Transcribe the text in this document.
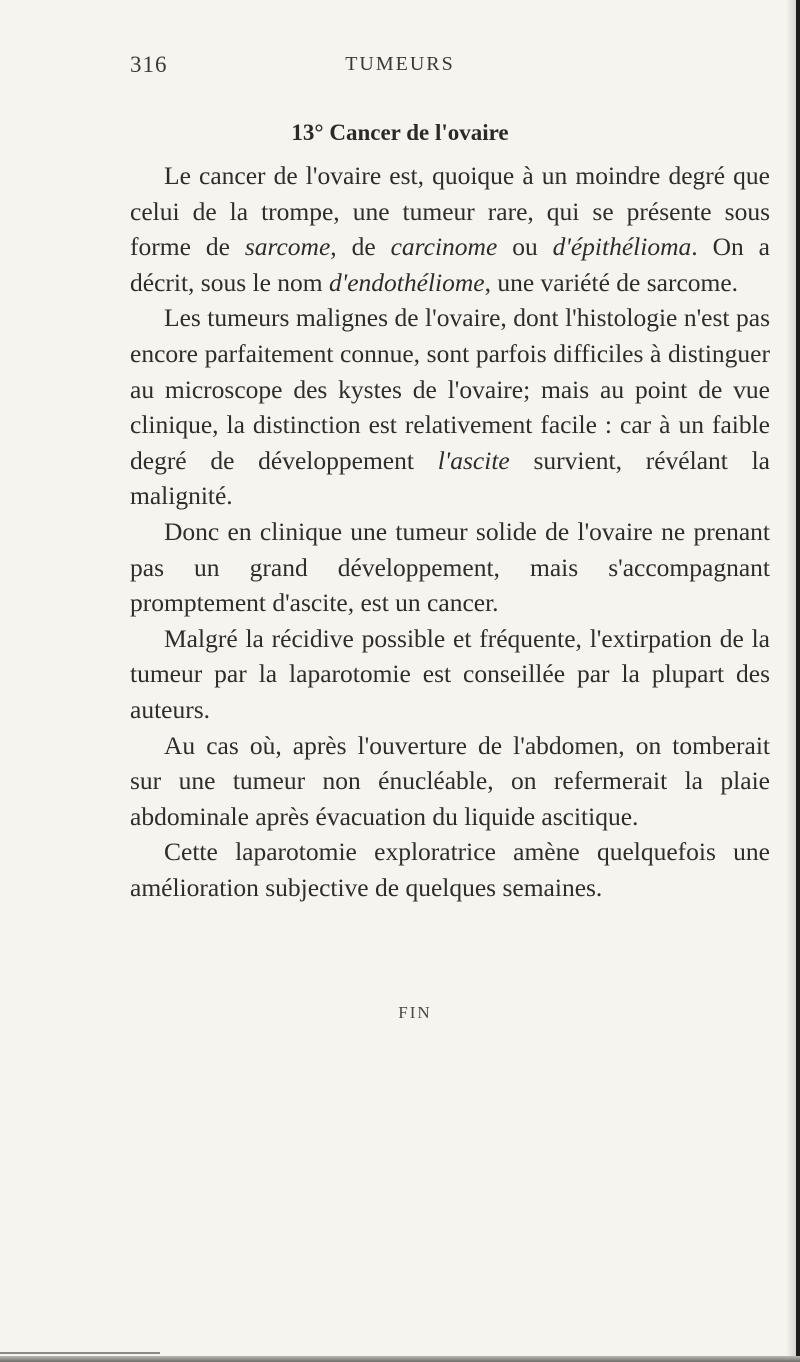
316	TUMEURS
13° Cancer de l'ovaire

Le cancer de l'ovaire est, quoique à un moindre degré que celui de la trompe, une tumeur rare, qui se présente sous forme de sarcome, de carcinome ou d'épithélioma. On a décrit, sous le nom d'endothéliome, une variété de sarcome.

Les tumeurs malignes de l'ovaire, dont l'histologie n'est pas encore parfaitement connue, sont parfois difficiles à distinguer au microscope des kystes de l'ovaire; mais au point de vue clinique, la distinction est relativement facile : car à un faible degré de développement l'ascite survient, révélant la malignité.

Donc en clinique une tumeur solide de l'ovaire ne prenant pas un grand développement, mais s'accompagnant promptement d'ascite, est un cancer.

Malgré la récidive possible et fréquente, l'extirpation de la tumeur par la laparotomie est conseillée par la plupart des auteurs.

Au cas où, après l'ouverture de l'abdomen, on tomberait sur une tumeur non énucléable, on refermerait la plaie abdominale après évacuation du liquide ascitique.

Cette laparotomie exploratrice amène quelquefois une amélioration subjective de quelques semaines.

FIN
